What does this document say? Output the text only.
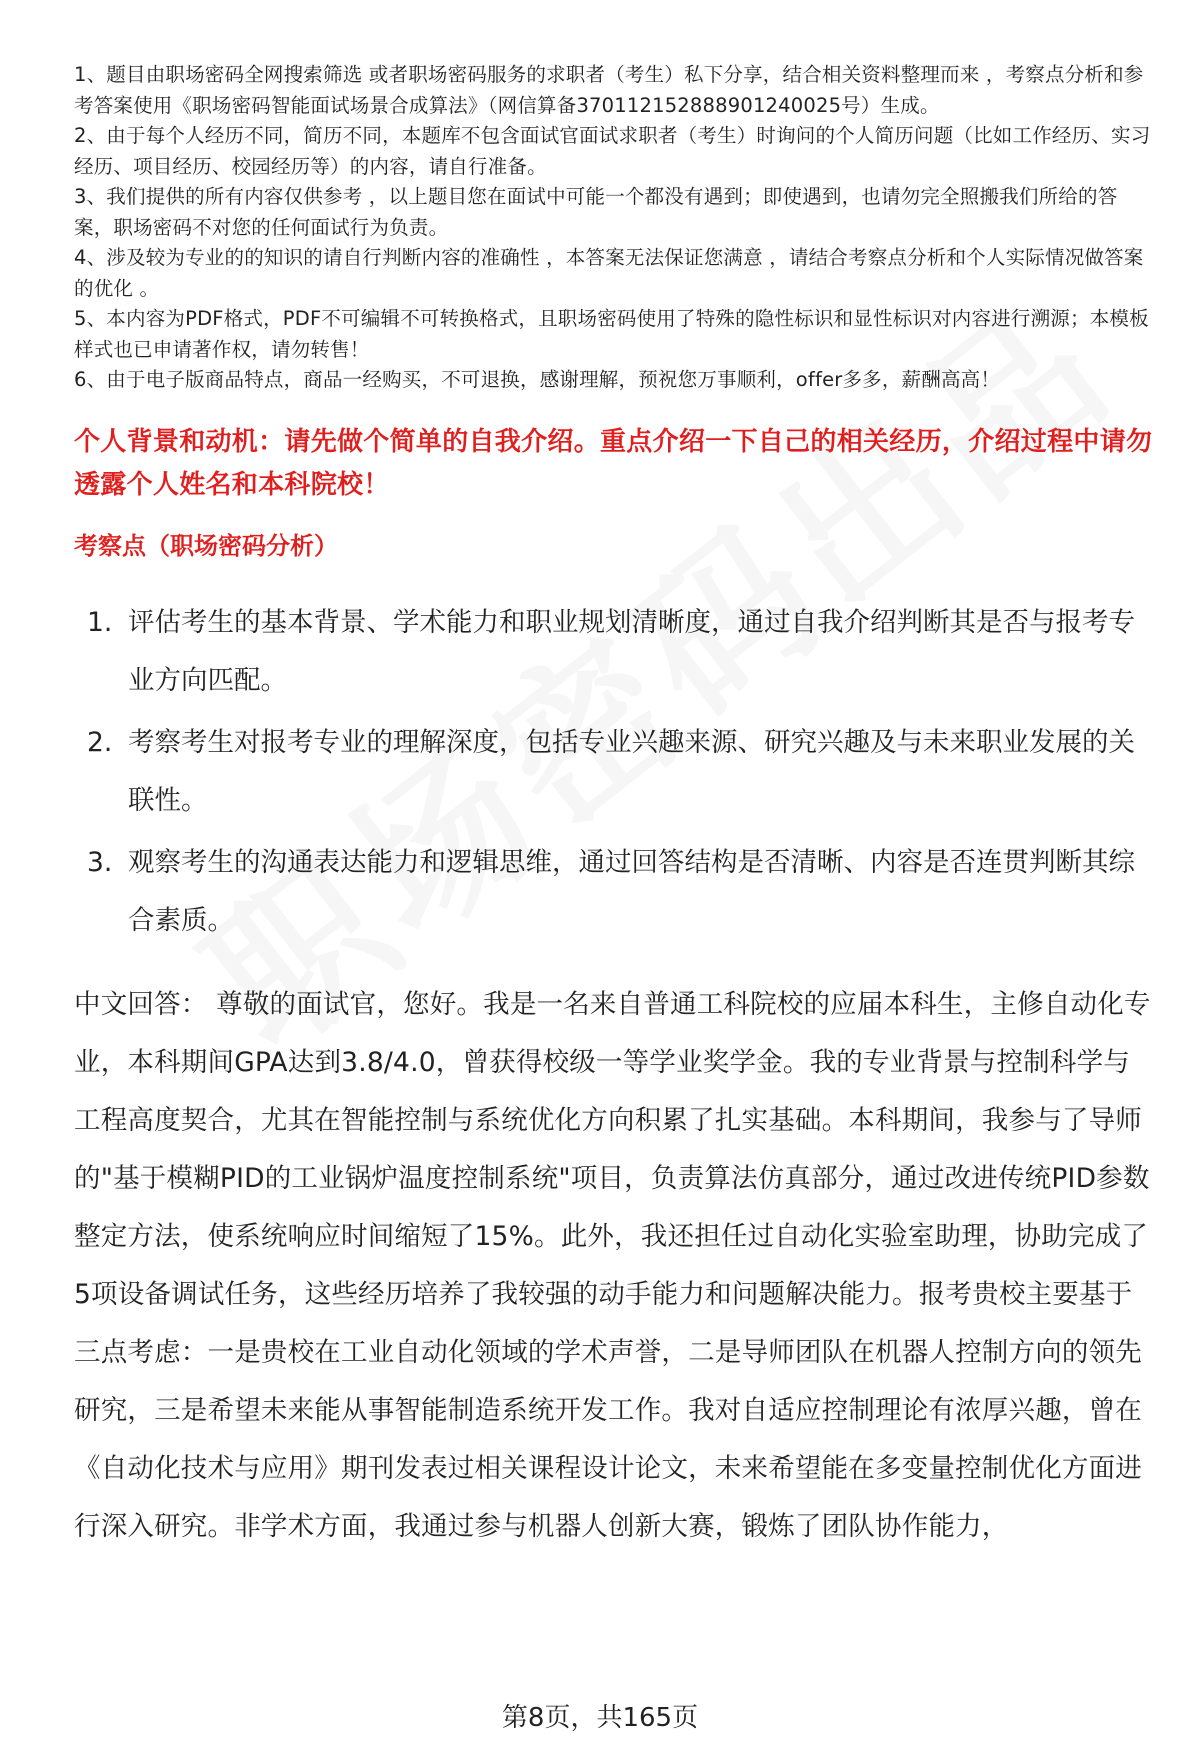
1、题目由职场密码全网搜索筛选 或者职场密码服务的求职者（考生）私下分享，结合相关资料整理而来 ，考察点分析和参考答案使用《职场密码智能面试场景合成算法》（网信算备370112152888901240025号）生成。

2、由于每个人经历不同，简历不同，本题库不包含面试官面试求职者（考生）时询问的个人简历问题（比如工作经历、实习经历、项目经历、校园经历等）的内容，请自行准备。

3、我们提供的所有内容仅供参考 ，以上题目您在面试中可能一个都没有遇到；即使遇到，也请勿完全照搬我们所给的答案，职场密码不对您的任何面试行为负责。

4、涉及较为专业的的知识的请自行判断内容的准确性 ，本答案无法保证您满意 ，请结合考察点分析和个人实际情况做答案的优化 。

5、本内容为PDF格式，PDF不可编辑不可转换格式，且职场密码使用了特殊的隐性标识和显性标识对内容进行溯源；本模板样式也已申请著作权，请勿转售！

6、由于电子版商品特点，商品一经购买，不可退换，感谢理解，预祝您万事顺利，offer多多，薪酬高高！

个人背景和动机：请先做个简单的自我介绍。重点介绍一下自己的相关经历，介绍过程中请勿透露个人姓名和本科院校！
考察点（职场密码分析）
1. 评估考生的基本背景、学术能力和职业规划清晰度，通过自我介绍判断其是否与报考专业方向匹配。
2. 考察考生对报考专业的理解深度，包括专业兴趣来源、研究兴趣及与未来职业发展的关联性。
3. 观察考生的沟通表达能力和逻辑思维，通过回答结构是否清晰、内容是否连贯判断其综合素质。
中文回答： 尊敬的面试官，您好。我是一名来自普通工科院校的应届本科生，主修自动化专业，本科期间GPA达到3.8/4.0，曾获得校级一等学业奖学金。我的专业背景与控制科学与工程高度契合，尤其在智能控制与系统优化方向积累了扎实基础。本科期间，我参与了导师的"基于模糊PID的工业锅炉温度控制系统"项目，负责算法仿真部分，通过改进传统PID参数整定方法，使系统响应时间缩短了15%。此外，我还担任过自动化实验室助理，协助完成了5项设备调试任务，这些经历培养了我较强的动手能力和问题解决能力。报考贵校主要基于三点考虑：一是贵校在工业自动化领域的学术声誉，二是导师团队在机器人控制方向的领先研究，三是希望未来能从事智能制造系统开发工作。我对自适应控制理论有浓厚兴趣，曾在《自动化技术与应用》期刊发表过相关课程设计论文，未来希望能在多变量控制优化方面进行深入研究。非学术方面，我通过参与机器人创新大赛，锻炼了团队协作能力，
第8页，共165页
